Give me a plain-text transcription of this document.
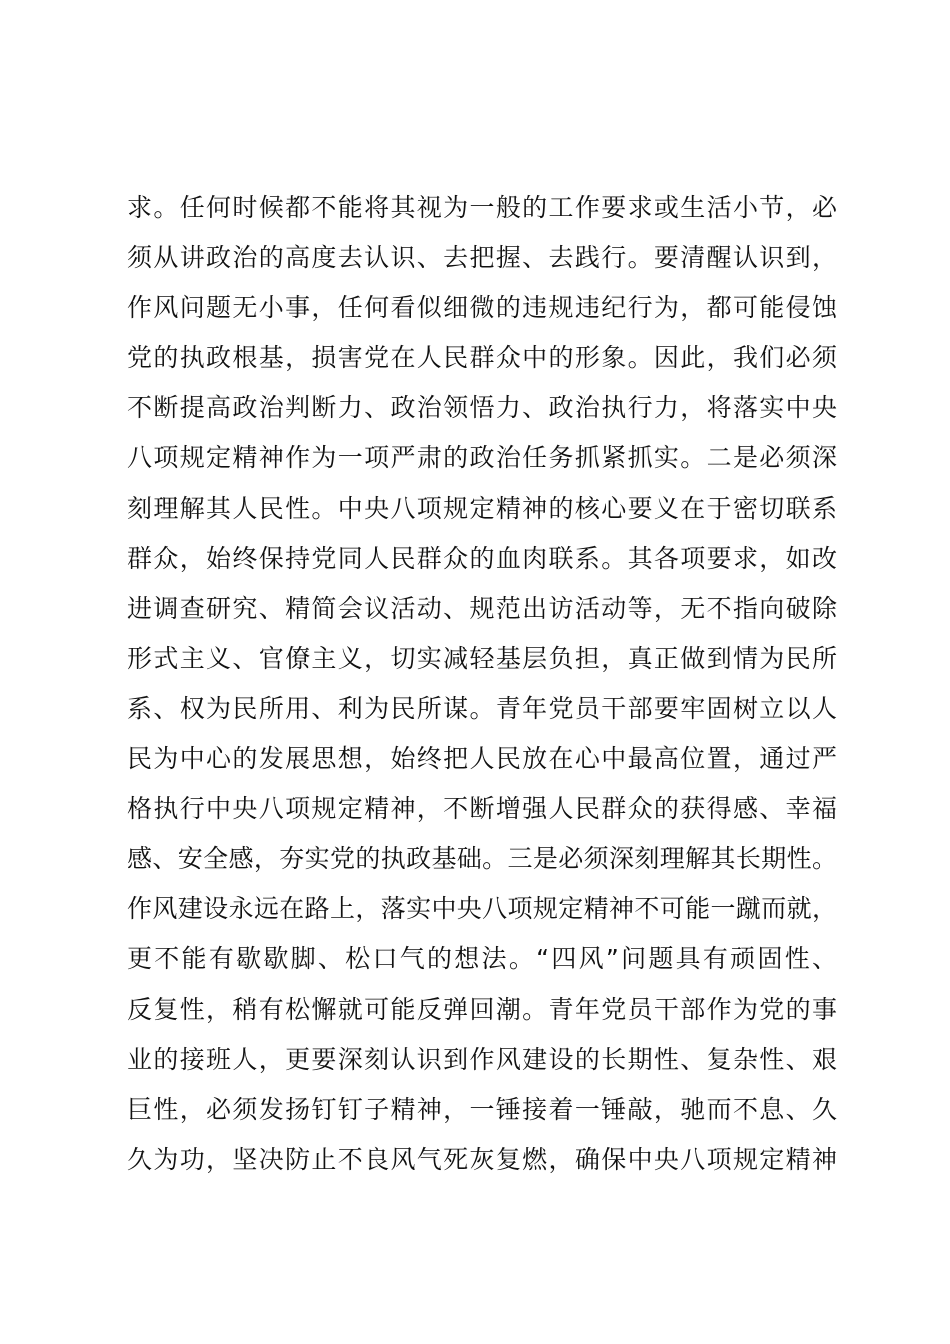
求。任何时候都不能将其视为一般的工作要求或生活小节，必
须从讲政治的高度去认识、去把握、去践行。要清醒认识到，
作风问题无小事，任何看似细微的违规违纪行为，都可能侵蚀
党的执政根基，损害党在人民群众中的形象。因此，我们必须
不断提高政治判断力、政治领悟力、政治执行力，将落实中央
八项规定精神作为一项严肃的政治任务抓紧抓实。二是必须深
刻理解其人民性。中央八项规定精神的核心要义在于密切联系
群众，始终保持党同人民群众的血肉联系。其各项要求，如改
进调查研究、精简会议活动、规范出访活动等，无不指向破除
形式主义、官僚主义，切实减轻基层负担，真正做到情为民所
系、权为民所用、利为民所谋。青年党员干部要牢固树立以人
民为中心的发展思想，始终把人民放在心中最高位置，通过严
格执行中央八项规定精神，不断增强人民群众的获得感、幸福
感、安全感，夯实党的执政基础。三是必须深刻理解其长期性。
作风建设永远在路上，落实中央八项规定精神不可能一蹴而就，
更不能有歇歇脚、松口气的想法。“四风”问题具有顽固性、
反复性，稍有松懈就可能反弹回潮。青年党员干部作为党的事
业的接班人，更要深刻认识到作风建设的长期性、复杂性、艰
巨性，必须发扬钉钉子精神，一锤接着一锤敲，驰而不息、久
久为功，坚决防止不良风气死灰复燃，确保中央八项规定精神
